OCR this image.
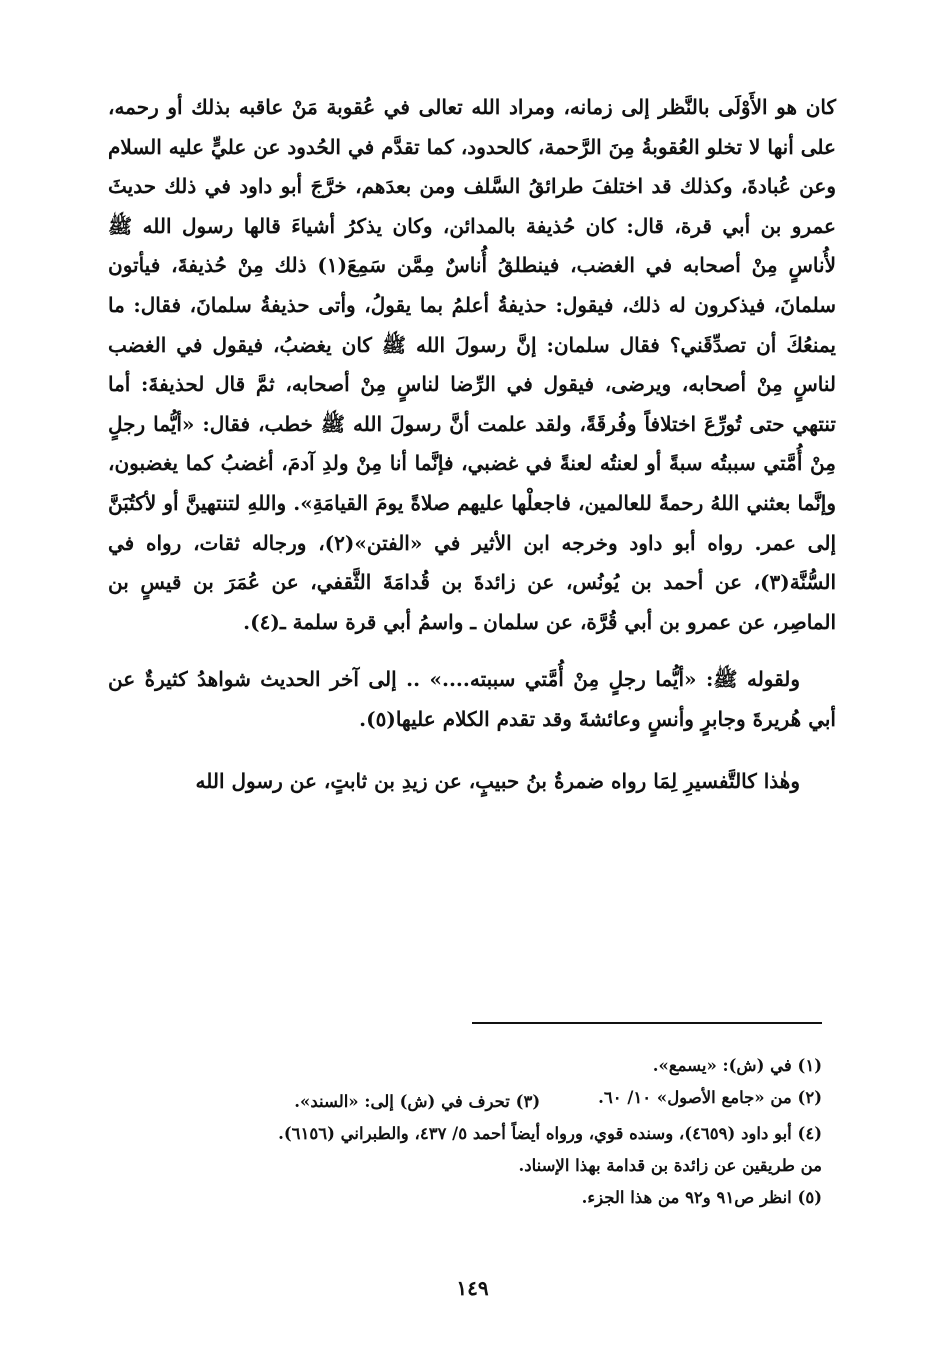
كان هو الأَوْلَى بالنَّظر إلى زمانه، ومراد الله تعالى في عُقوبة مَنْ عاقبه بذلك أو رحمه، على أنها لا تخلو العُقوبةُ مِنَ الرَّحمة، كالحدود، كما تقدَّم في الحُدود عن عليٍّ عليه السلام وعن عُبادةَ، وكذلك قد اختلفَ طرائقُ السَّلف ومن بعدَهم، خرَّجَ أبو داود في ذلك حديثَ عمرو بن أبي قرة، قال: كان حُذيفة بالمدائن، وكان يذكرُ أشياءَ قالها رسول الله ﷺ لأُناسٍ مِنْ أصحابه في الغضب، فينطلقُ أُناسٌ مِمَّن سَمِعَ(١) ذلك مِنْ حُذيفةَ، فيأتون سلمانَ، فيذكرون له ذلك، فيقول: حذيفةُ أعلمُ بما يقولُ، وأتى حذيفةُ سلمانَ، فقال: ما يمنعُكَ أن تصدِّقَني؟ فقال سلمان: إنَّ رسولَ الله ﷺ كان يغضبُ، فيقول في الغضب لناسٍ مِنْ أصحابه، ويرضى، فيقول في الرِّضا لناسٍ مِنْ أصحابه، ثمَّ قال لحذيفةَ: أما تنتهي حتى تُورِّعَ اختلافاً وفُرقَةً، ولقد علمت أنَّ رسولَ الله ﷺ خطب، فقال: «أيُّما رجلٍ مِنْ أُمَّتي سببتُه سبةً أو لعنتُه لعنةً في غضبي، فإنَّما أنا مِنْ ولدِ آدمَ، أغضبُ كما يغضبون، وإنَّما بعثني اللهُ رحمةً للعالمين، فاجعلْها عليهم صلاةً يومَ القيامَةِ». واللهِ لتنتهينَّ أو لأكتُبَنَّ إلى عمر. رواه أبو داود وخرجه ابن الأثير في «الفتن»(٢)، ورجاله ثقات، رواه في السُّنَّة(٣)، عن أحمد بن يُونُس، عن زائدةَ بن قُدامَةَ الثَّقفي، عن عُمَرَ بن قيسٍ بن الماصِر، عن عمرو بن أبي قُرَّة، عن سلمان ـ واسمُ أبي قرة سلمة ـ(٤).

ولقوله ﷺ: «أيُّما رجلٍ مِنْ أُمَّتي سببته....» .. إلى آخر الحديث شواهدُ كثيرةٌ عن أبي هُريرةَ وجابرٍ وأنسٍ وعائشةَ وقد تقدم الكلام عليها(٥).

وهٰذا كالتَّفسيرِ لِمَا رواه ضمرةُ بنُ حبيبٍ، عن زيدِ بن ثابتٍ، عن رسول الله

(١) في (ش): «يسمع».

(٢) من «جامع الأصول» ١٠/ ٦٠.

(٣) تحرف في (ش) إلى: «السند».

(٤) أبو داود (٤٦٥٩)، وسنده قوي، ورواه أيضاً أحمد ٥/ ٤٣٧، والطبراني (٦١٥٦).

من طريقين عن زائدة بن قدامة بهذا الإسناد.

(٥) انظر ص٩١ و٩٢ من هذا الجزء.

١٤٩
